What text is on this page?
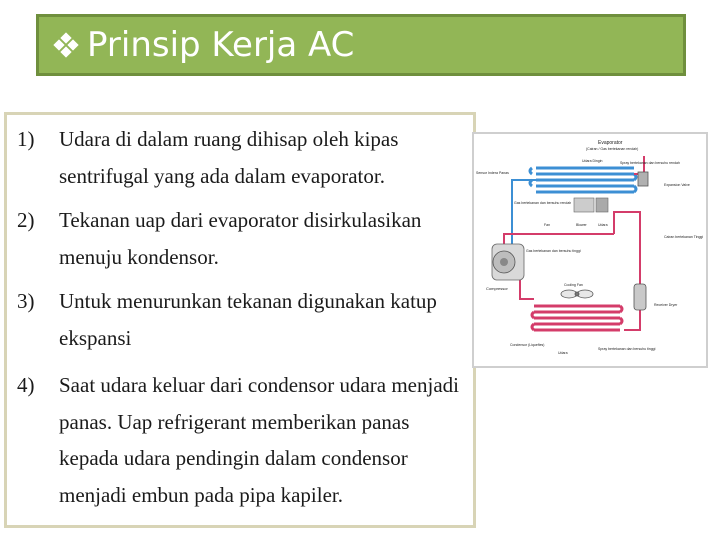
Prinsip Kerja AC
1) Udara di dalam ruang dihisap oleh kipas sentrifugal yang ada dalam evaporator.
2) Tekanan uap dari evaporator disirkulasikan menuju kondensor.
3) Untuk menurunkan tekanan digunakan katup ekspansi
4) Saat udara keluar dari condensor udara menjadi panas. Uap refrigerant memberikan panas kepada udara pendingin dalam condensor menjadi embun pada pipa kapiler.
Evaporator
(Cairan / Gas bertekanan rendah)
Udara Dingin
Sensor Indera Panas
Spray bertekanan dan bersuhu rendah
Expansion Valve
Gas bertekanan dan bersuhu rendah
Fan	Blower	Udara
Cairan bertekanan Tinggi
Gas bertekanan dan bersuhu tinggi
Compressor
Cooling Fan
Receiver Dryer
Condensor (Liquefies)
Udara
Spray bertekanan dan bersuhu tinggi
